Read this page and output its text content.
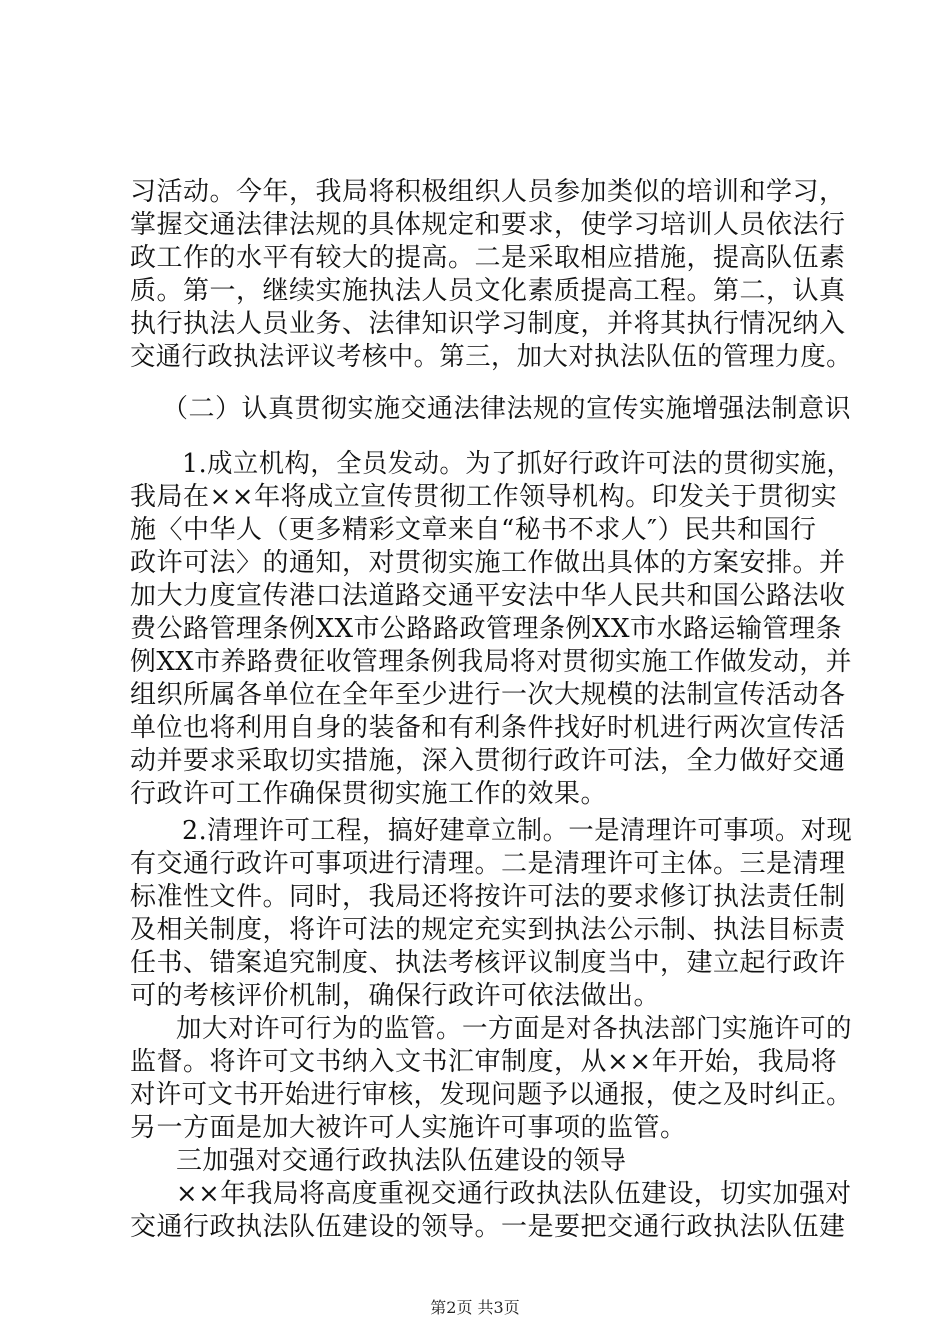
习活动。今年，我局将积极组织人员参加类似的培训和学习，
掌握交通法律法规的具体规定和要求，使学习培训人员依法行
政工作的水平有较大的提高。二是采取相应措施，提高队伍素
质。第一，继续实施执法人员文化素质提高工程。第二，认真
执行执法人员业务、法律知识学习制度，并将其执行情况纳入
交通行政执法评议考核中。第三，加大对执法队伍的管理力度。
（二）认真贯彻实施交通法律法规的宣传实施增强法制意识
1.成立机构，全员发动。为了抓好行政许可法的贯彻实施，
我局在××年将成立宣传贯彻工作领导机构。印发关于贯彻实
施〈中华人（更多精彩文章来自“秘书不求人″）民共和国行
政许可法〉的通知，对贯彻实施工作做出具体的方案安排。并
加大力度宣传港口法道路交通平安法中华人民共和国公路法收
费公路管理条例XX市公路路政管理条例XX市水路运输管理条
例XX市养路费征收管理条例我局将对贯彻实施工作做发动，并
组织所属各单位在全年至少进行一次大规模的法制宣传活动各
单位也将利用自身的装备和有利条件找好时机进行两次宣传活
动并要求采取切实措施，深入贯彻行政许可法，全力做好交通
行政许可工作确保贯彻实施工作的效果。
2.清理许可工程，搞好建章立制。一是清理许可事项。对现
有交通行政许可事项进行清理。二是清理许可主体。三是清理
标准性文件。同时，我局还将按许可法的要求修订执法责任制
及相关制度，将许可法的规定充实到执法公示制、执法目标责
任书、错案追究制度、执法考核评议制度当中，建立起行政许
可的考核评价机制，确保行政许可依法做出。
加大对许可行为的监管。一方面是对各执法部门实施许可的
监督。将许可文书纳入文书汇审制度，从××年开始，我局将
对许可文书开始进行审核，发现问题予以通报，使之及时纠正。
另一方面是加大被许可人实施许可事项的监管。
三加强对交通行政执法队伍建设的领导
××年我局将高度重视交通行政执法队伍建设，切实加强对
交通行政执法队伍建设的领导。一是要把交通行政执法队伍建
第2页 共3页
